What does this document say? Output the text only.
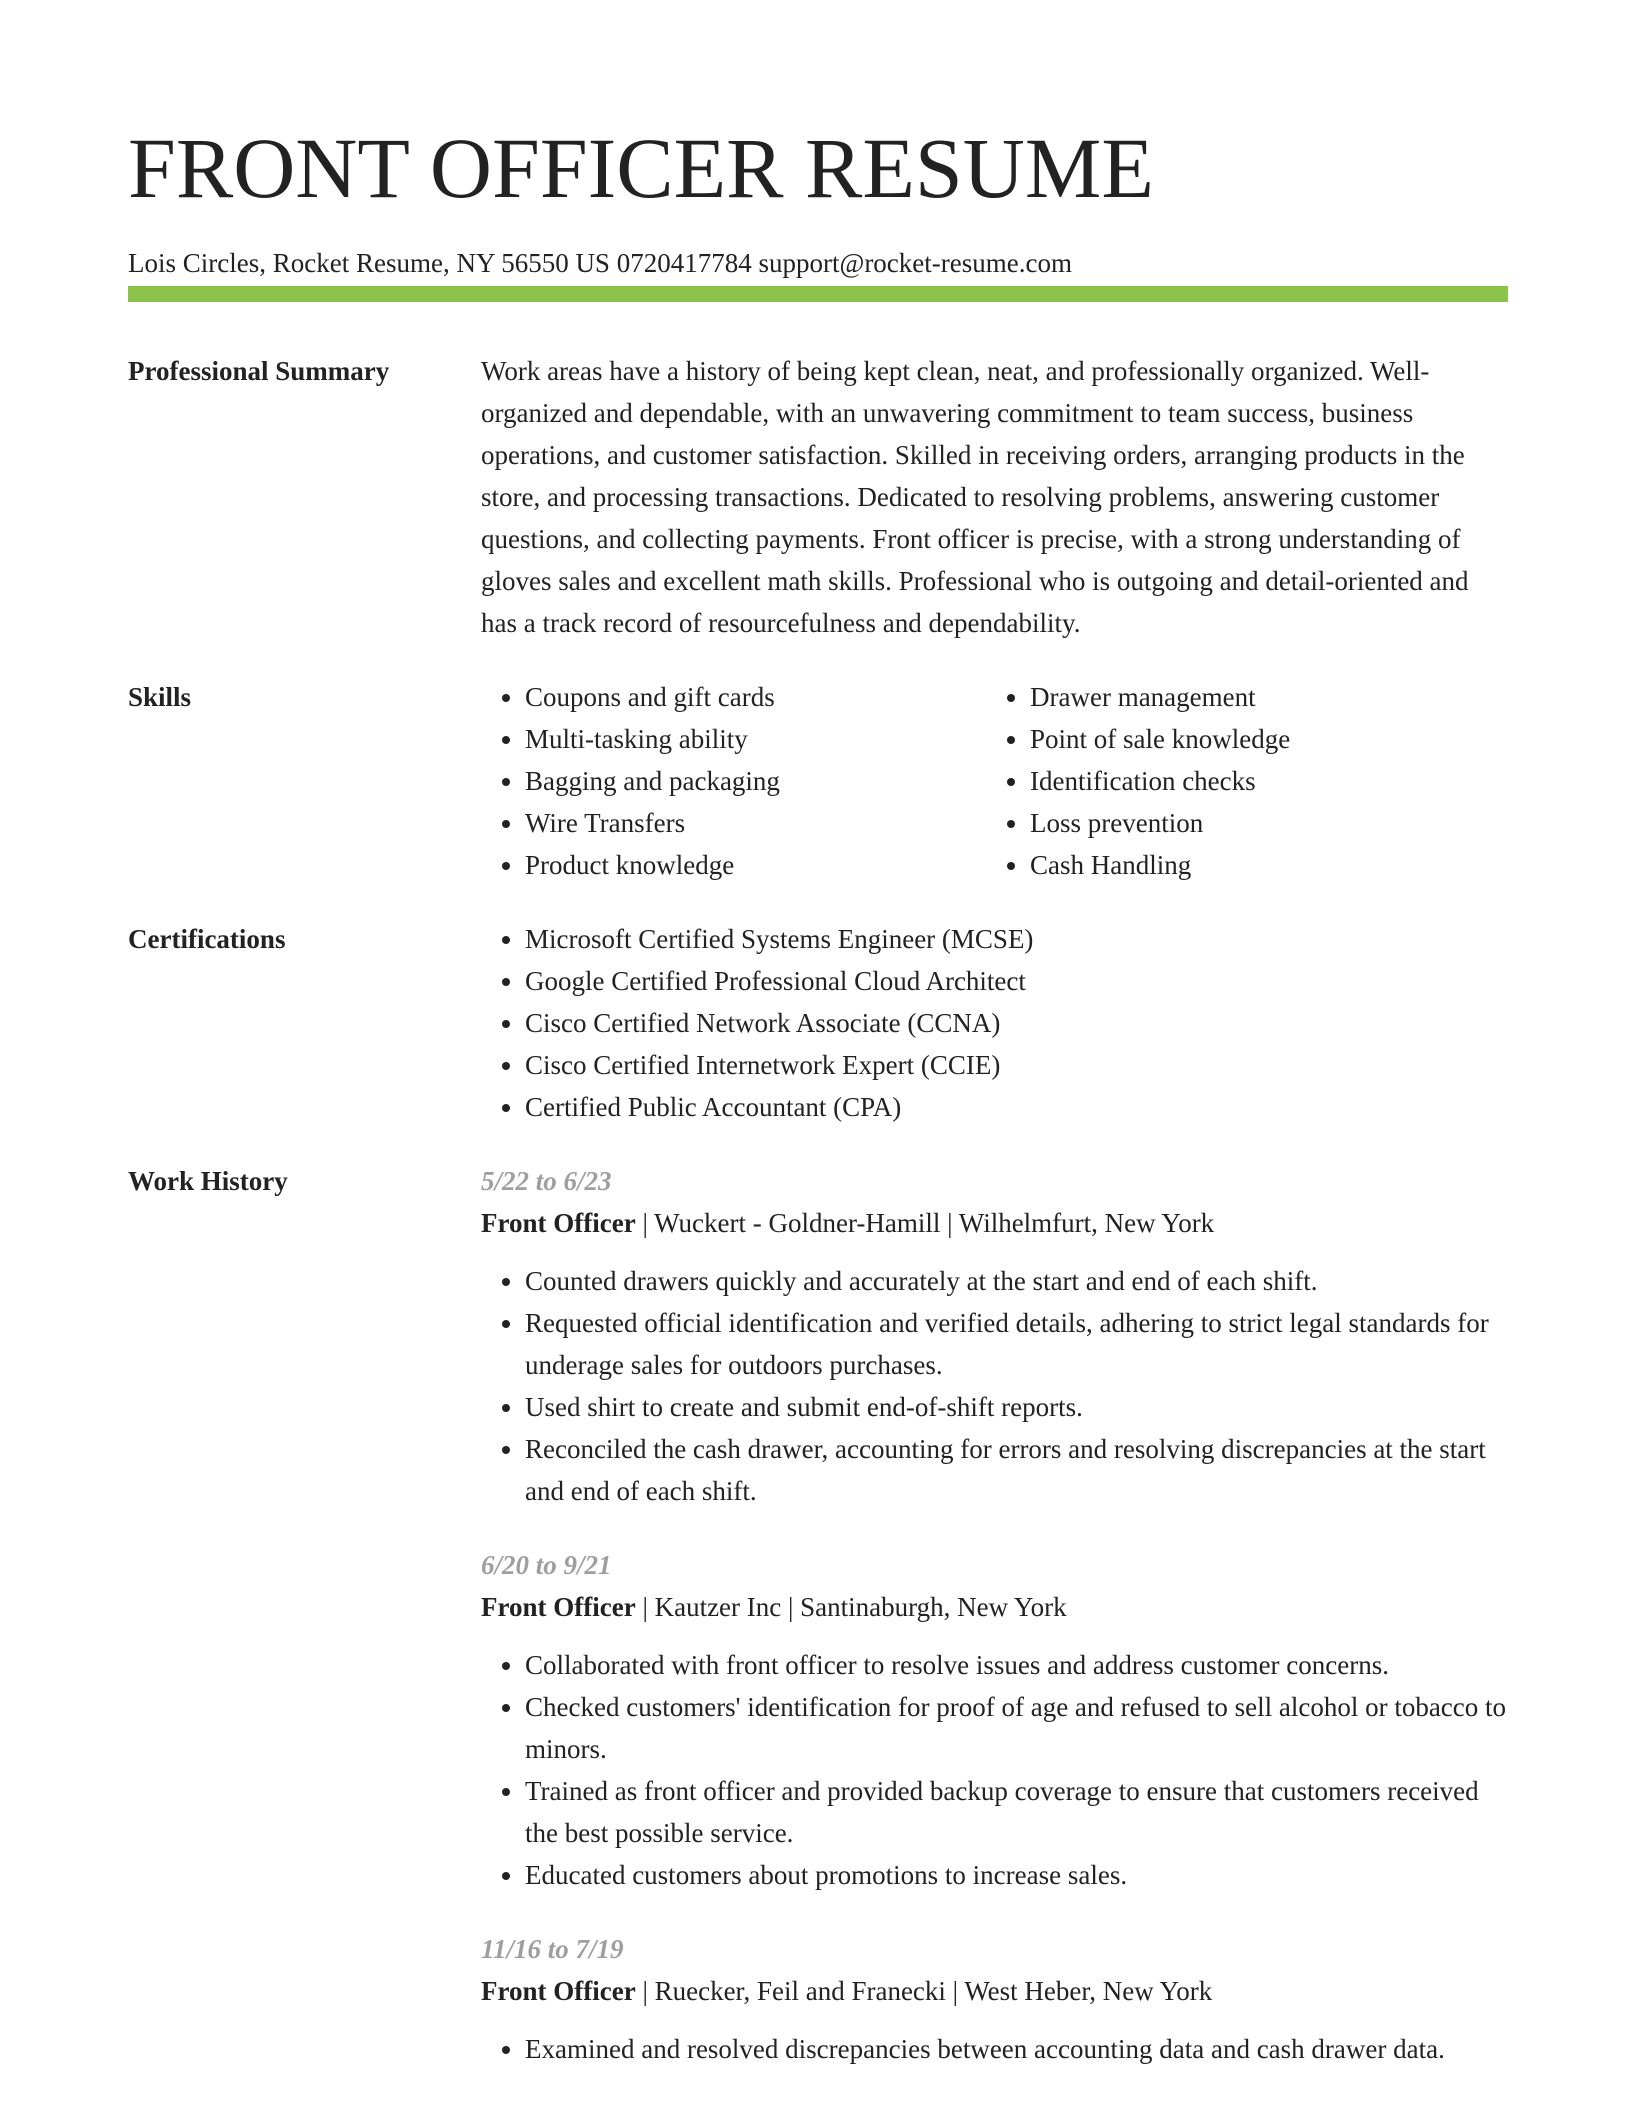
FRONT OFFICER RESUME
Lois Circles, Rocket Resume, NY 56550 US 0720417784 support@rocket-resume.com
Professional Summary	Work areas have a history of being kept clean, neat, and professionally organized. Well-organized and dependable, with an unwavering commitment to team success, business operations, and customer satisfaction. Skilled in receiving orders, arranging products in the store, and processing transactions. Dedicated to resolving problems, answering customer questions, and collecting payments. Front officer is precise, with a strong understanding of gloves sales and excellent math skills. Professional who is outgoing and detail-oriented and has a track record of resourcefulness and dependability.

Skills	• Coupons and gift cards
• Multi-tasking ability
• Bagging and packaging
• Wire Transfers
• Product knowledge
• Drawer management
• Point of sale knowledge
• Identification checks
• Loss prevention
• Cash Handling
Certifications	• Microsoft Certified Systems Engineer (MCSE)
• Google Certified Professional Cloud Architect
• Cisco Certified Network Associate (CCNA)
• Cisco Certified Internetwork Expert (CCIE)
• Certified Public Accountant (CPA)
Work History	5/22 to 6/23
Front Officer | Wuckert - Goldner-Hamill | Wilhelmfurt, New York
• Counted drawers quickly and accurately at the start and end of each shift.
• Requested official identification and verified details, adhering to strict legal standards for underage sales for outdoors purchases.
• Used shirt to create and submit end-of-shift reports.
• Reconciled the cash drawer, accounting for errors and resolving discrepancies at the start and end of each shift.
6/20 to 9/21
Front Officer | Kautzer Inc | Santinaburgh, New York
• Collaborated with front officer to resolve issues and address customer concerns.
• Checked customers' identification for proof of age and refused to sell alcohol or tobacco to minors.
• Trained as front officer and provided backup coverage to ensure that customers received the best possible service.
• Educated customers about promotions to increase sales.
11/16 to 7/19
Front Officer | Ruecker, Feil and Franecki | West Heber, New York
• Examined and resolved discrepancies between accounting data and cash drawer data.
